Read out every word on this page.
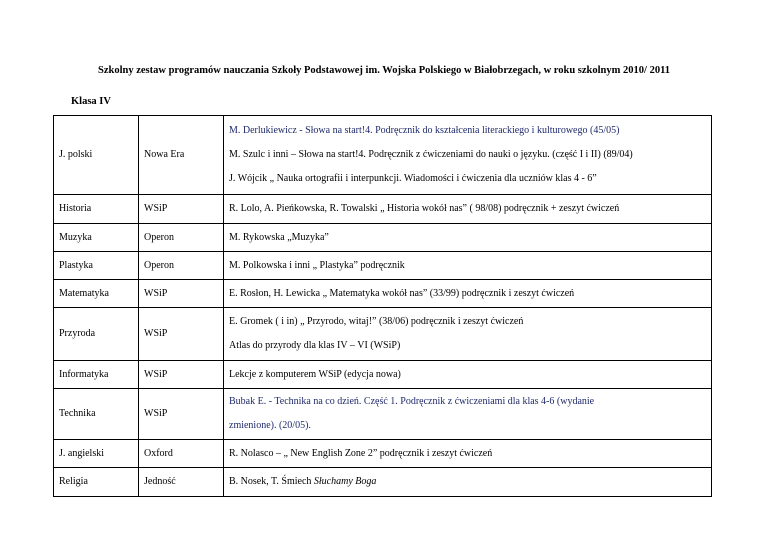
Szkolny zestaw programów nauczania Szkoły Podstawowej im. Wojska Polskiego w Białobrzegach, w roku szkolnym 2010/ 2011
Klasa IV
J. polski	Nowa Era	M. Derlukiewicz - Słowa na start!4. Podręcznik do kształcenia literackiego i kulturowego (45/05)
M. Szulc i inni – Słowa na start!4. Podręcznik z ćwiczeniami do nauki o języku. (część I i II) (89/04)
J. Wójcik „ Nauka ortografii i interpunkcji. Wiadomości i ćwiczenia dla uczniów klas 4 - 6”

Historia	WSiP	R. Lolo, A. Pieńkowska, R. Towalski „ Historia wokół nas” ( 98/08) podręcznik + zeszyt ćwiczeń

Muzyka	Operon	M. Rykowska „Muzyka”

Plastyka	Operon	M. Polkowska i inni „ Plastyka” podręcznik

Matematyka	WSiP	E. Rosłon, H. Lewicka „ Matematyka wokół nas” (33/99) podręcznik i zeszyt ćwiczeń

Przyroda	WSiP	E. Gromek ( i in) „ Przyrodo, witaj!” (38/06) podręcznik i zeszyt ćwiczeń
Atlas do przyrody dla klas IV – VI (WSiP)

Informatyka	WSiP	Lekcje z komputerem WSiP (edycja nowa)

Technika	WSiP	Bubak E. - Technika na co dzień. Część 1. Podręcznik z ćwiczeniami dla klas 4-6 (wydanie
zmienione). (20/05).

J. angielski	Oxford	R. Nolasco – „ New English Zone 2” podręcznik i zeszyt ćwiczeń

Religia	Jedność	B. Nosek, T. Śmiech Słuchamy Boga
